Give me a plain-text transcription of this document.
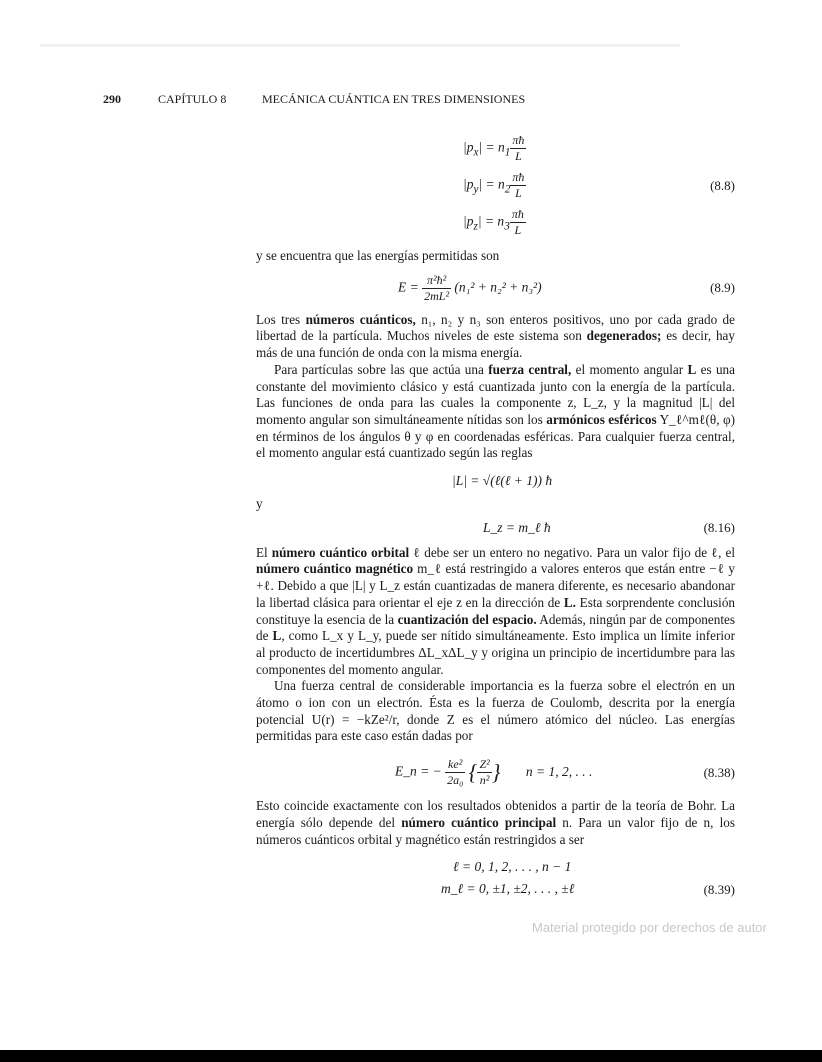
290	CAPÍTULO 8	MECÁNICA CUÁNTICA EN TRES DIMENSIONES
$|p_x| = n_1 \frac{\pi ħ}{L}$
$|p_y| = n_2 \frac{\pi ħ}{L}$
$|p_z| = n_3 \frac{\pi ħ}{L}$
(8.8)
y se encuentra que las energías permitidas son
$E = \frac{\text{π²ħ²}}{\text{2mL²}} (n_1^2 + n_2^2 + n_3^2)$	(8.9)

Los tres números cuánticos, n₁, n₂ y n₃ son enteros positivos, uno por cada grado de libertad de la partícula. Muchos niveles de este sistema son degenerados; es decir, hay más de una función de onda con la misma energía.

Para partículas sobre las que actúa una fuerza central, el momento angular L es una constante del movimiento clásico y está cuantizada junto con la energía de la partícula. Las funciones de onda para las cuales la componente z, L_z, y la magnitud |L| del momento angular son simultáneamente nítidas son los armónicos esféricos Y_ℓ^mℓ(θ, φ) en términos de los ángulos θ y φ en coordenadas esféricas. Para cualquier fuerza central, el momento angular está cuantizado según las reglas

|L| = √(ℓ(ℓ + 1)) ħ
y
L_z = m_ℓ ħ	(8.16)

El número cuántico orbital ℓ debe ser un entero no negativo. Para un valor fijo de ℓ, el número cuántico magnético m_ℓ está restringido a valores enteros que están entre −ℓ y +ℓ. Debido a que |L| y L_z están cuantizadas de manera diferente, es necesario abandonar la libertad clásica para orientar el eje z en la dirección de L. Esta sorprendente conclusión constituye la esencia de la cuantización del espacio. Además, ningún par de componentes de L, como L_x y L_y, puede ser nítido simultáneamente. Esto implica un límite inferior al producto de incertidumbres ΔL_xΔL_y y origina un principio de incertidumbre para las componentes del momento angular.

Una fuerza central de considerable importancia es la fuerza sobre el electrón en un átomo o ion con un electrón. Ésta es la fuerza de Coulomb, descrita por la energía potencial U(r) = −kZe²/r, donde Z es el número atómico del núcleo. Las energías permitidas para este caso están dadas por

E_n = − $\frac{\text{ke²}}{\text{2a₀}}$ { $\frac{\text{Z²}}{\text{n²}}$ } n = 1, 2, . . .	(8.38)

Esto coincide exactamente con los resultados obtenidos a partir de la teoría de Bohr. La energía sólo depende del número cuántico principal n. Para un valor fijo de n, los números cuánticos orbital y magnético están restringidos a ser

ℓ = 0, 1, 2, . . . , n − 1
m_ℓ = 0, ±1, ±2, . . . , ±ℓ	(8.39)
Material protegido por derechos de autor
